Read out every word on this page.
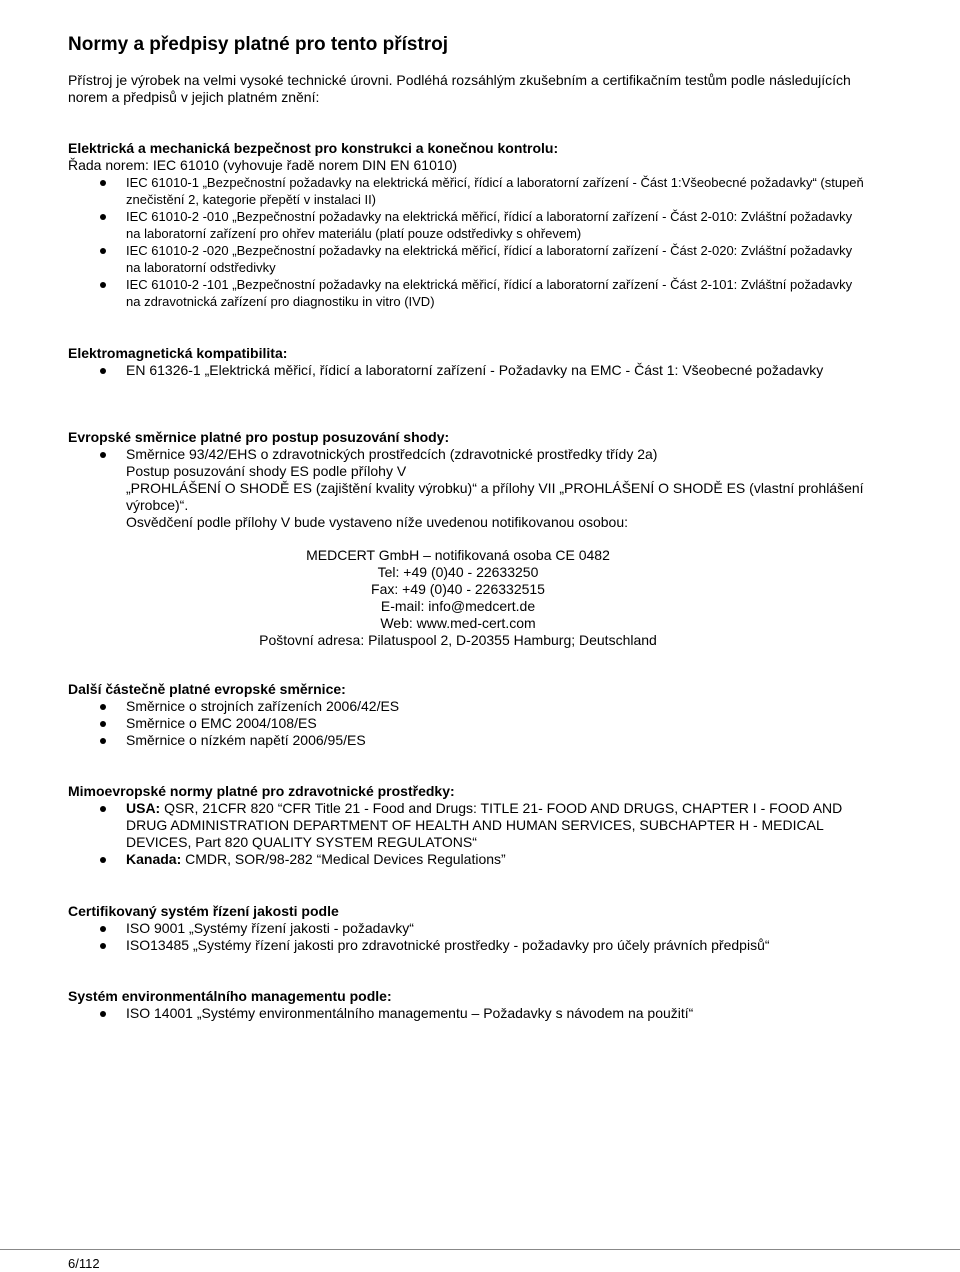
Normy a předpisy platné pro tento přístroj

Přístroj je výrobek na velmi vysoké technické úrovni. Podléhá rozsáhlým zkušebním a certifikačním testům podle následujících norem a předpisů v jejich platném znění:

Elektrická a mechanická bezpečnost pro konstrukci a konečnou kontrolu:

Řada norem: IEC 61010 (vyhovuje řadě norem DIN EN 61010)

IEC 61010-1 „Bezpečnostní požadavky na elektrická měřicí, řídicí a laboratorní zařízení - Část 1:Všeobecné požadavky“ (stupeň znečistění 2, kategorie přepětí v instalaci II)
IEC 61010-2 -010 „Bezpečnostní požadavky na elektrická měřicí, řídicí a laboratorní zařízení - Část 2-010: Zvláštní požadavky na laboratorní zařízení pro ohřev materiálu (platí pouze odstředivky s ohřevem)
IEC 61010-2 -020 „Bezpečnostní požadavky na elektrická měřicí, řídicí a laboratorní zařízení - Část 2-020: Zvláštní požadavky na laboratorní odstředivky
IEC 61010-2 -101 „Bezpečnostní požadavky na elektrická měřicí, řídicí a laboratorní zařízení - Část 2-101: Zvláštní požadavky na zdravotnická zařízení pro diagnostiku in vitro (IVD)

Elektromagnetická kompatibilita:

EN 61326-1 „Elektrická měřicí, řídicí a laboratorní zařízení - Požadavky na EMC - Část 1: Všeobecné požadavky

Evropské směrnice platné pro postup posuzování shody:

Směrnice 93/42/EHS o zdravotnických prostředcích (zdravotnické prostředky třídy 2a)

Postup posuzování shody ES podle přílohy V

„PROHLÁŠENÍ O SHODĚ ES (zajištění kvality výrobku)“ a přílohy VII „PROHLÁŠENÍ O SHODĚ ES (vlastní prohlášení výrobce)“.

Osvědčení podle přílohy V bude vystaveno níže uvedenou notifikovanou osobou:

MEDCERT GmbH – notifikovaná osoba CE 0482
Tel: +49 (0)40 - 22633250
Fax: +49 (0)40 - 226332515
E-mail: info@medcert.de
Web: www.med-cert.com
Poštovní adresa: Pilatuspool 2, D-20355 Hamburg; Deutschland

Další částečně platné evropské směrnice:

Směrnice o strojních zařízeních 2006/42/ES
Směrnice o EMC 2004/108/ES
Směrnice o nízkém napětí 2006/95/ES

Mimoevropské normy platné pro zdravotnické prostředky:

USA: QSR, 21CFR 820 “CFR Title 21 - Food and Drugs: TITLE 21- FOOD AND DRUGS, CHAPTER I - FOOD AND DRUG ADMINISTRATION DEPARTMENT OF HEALTH AND HUMAN SERVICES, SUBCHAPTER H - MEDICAL DEVICES, Part 820 QUALITY SYSTEM REGULATONS“
Kanada: CMDR, SOR/98-282 “Medical Devices Regulations”

Certifikovaný systém řízení jakosti podle

ISO 9001 „Systémy řízení jakosti - požadavky“
ISO13485 „Systémy řízení jakosti pro zdravotnické prostředky - požadavky pro účely právních předpisů“

Systém environmentálního managementu podle:

ISO 14001 „Systémy environmentálního managementu – Požadavky s návodem na použití“
6/112
